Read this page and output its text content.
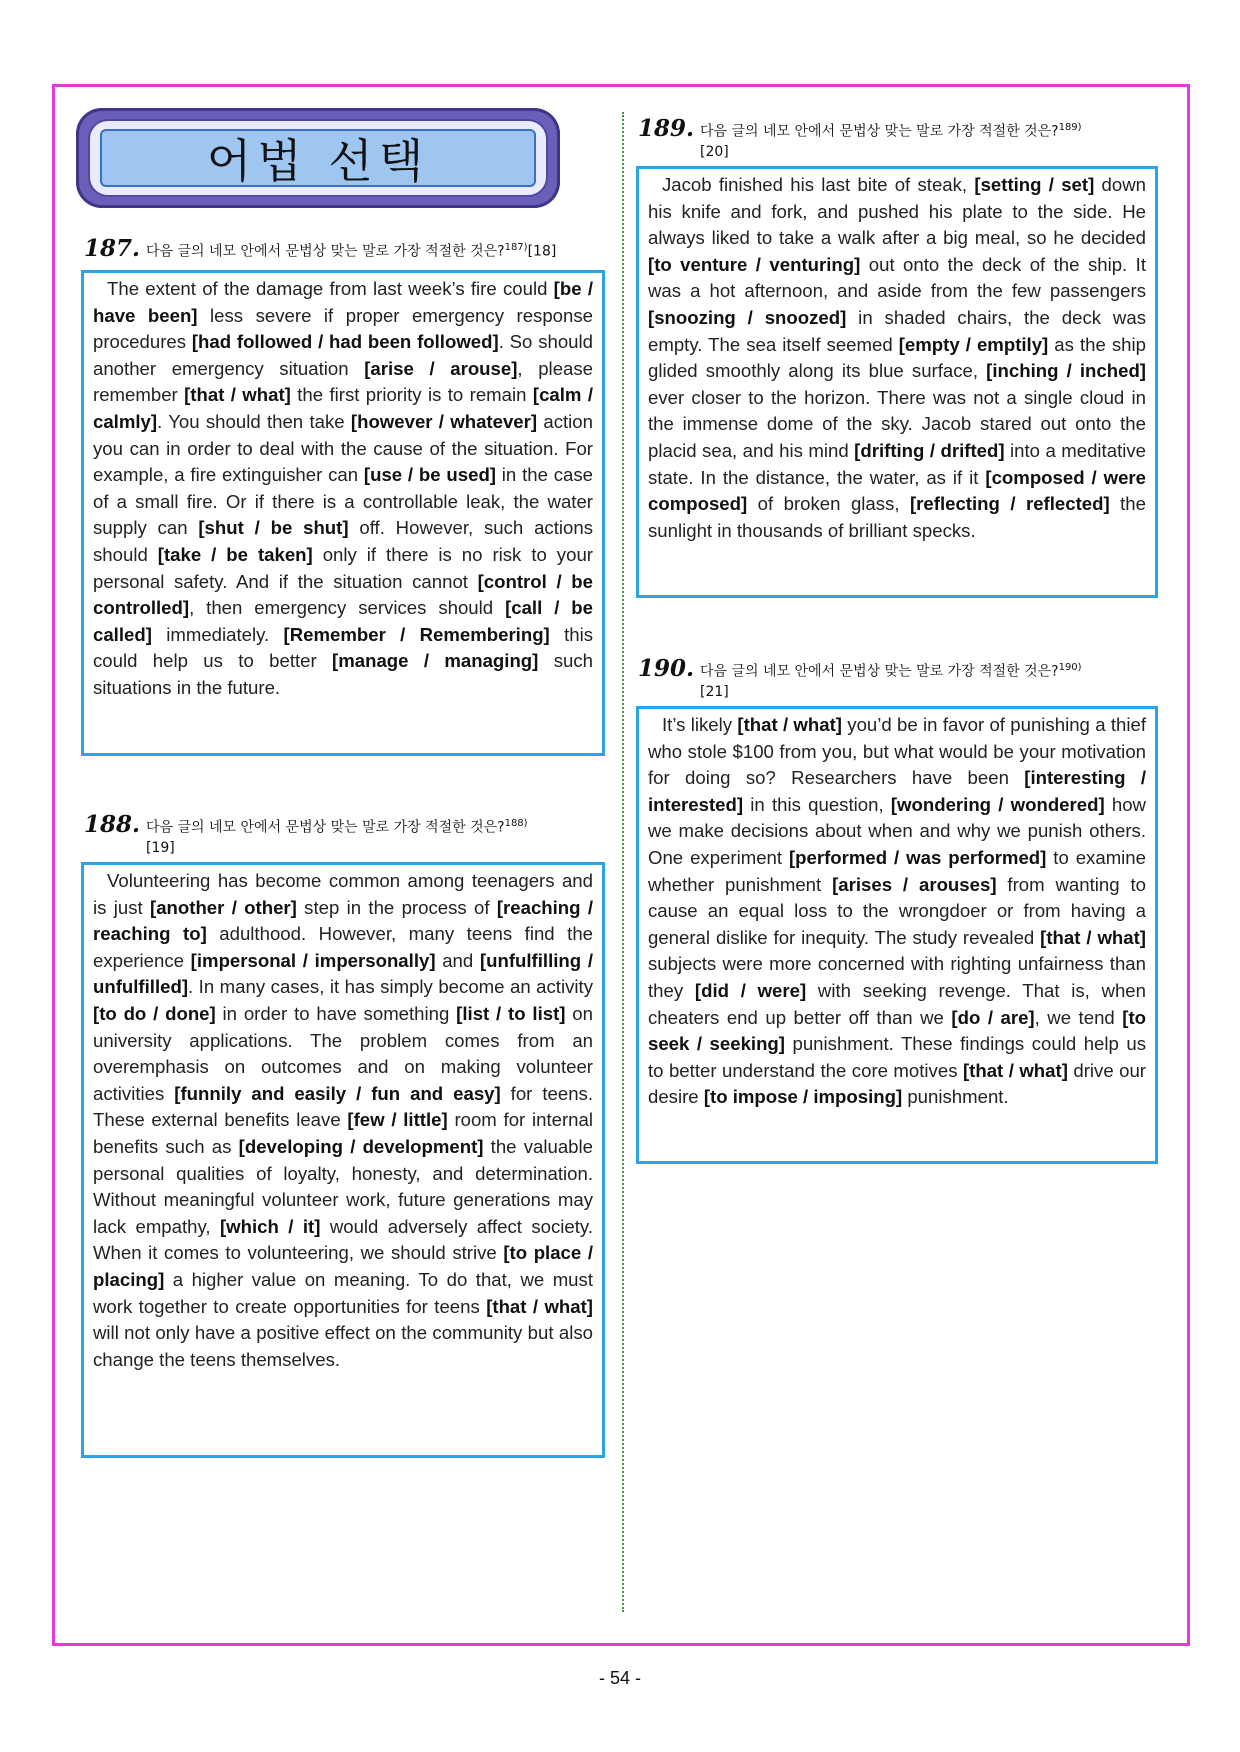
어법 선택
187. 다음 글의 네모 안에서 문법상 맞는 말로 가장 적절한 것은?$^{187)}$[18]

The extent of the damage from last week’s fire could [be / have been] less severe if proper emergency response procedures [had followed / had been followed]. So should another emergency situation [arise / arouse], please remember [that / what] the first priority is to remain [calm / calmly]. You should then take [however / whatever] action you can in order to deal with the cause of the situation. For example, a fire extinguisher can [use / be used] in the case of a small fire. Or if there is a controllable leak, the water supply can [shut / be shut] off. However, such actions should [take / be taken] only if there is no risk to your personal safety. And if the situation cannot [control / be controlled], then emergency services should [call / be called] immediately. [Remember / Remembering] this could help us to better [manage / managing] such situations in the future.

188. 다음 글의 네모 안에서 문법상 맞는 말로 가장 적절한 것은?$^{188)}$
[19]

Volunteering has become common among teenagers and is just [another / other] step in the process of [reaching / reaching to] adulthood. However, many teens find the experience [impersonal / impersonally] and [unfulfilling / unfulfilled]. In many cases, it has simply become an activity [to do / done] in order to have something [list / to list] on university applications. The problem comes from an overemphasis on outcomes and on making volunteer activities [funnily and easily / fun and easy] for teens. These external benefits leave [few / little] room for internal benefits such as [developing / development] the valuable personal qualities of loyalty, honesty, and determination. Without meaningful volunteer work, future generations may lack empathy, [which / it] would adversely affect society. When it comes to volunteering, we should strive [to place / placing] a higher value on meaning. To do that, we must work together to create opportunities for teens [that / what] will not only have a positive effect on the community but also change the teens themselves.

189. 다음 글의 네모 안에서 문법상 맞는 말로 가장 적절한 것은?$^{189)}$
[20]

Jacob finished his last bite of steak, [setting / set] down his knife and fork, and pushed his plate to the side. He always liked to take a walk after a big meal, so he decided [to venture / venturing] out onto the deck of the ship. It was a hot afternoon, and aside from the few passengers [snoozing / snoozed] in shaded chairs, the deck was empty. The sea itself seemed [empty / emptily] as the ship glided smoothly along its blue surface, [inching / inched] ever closer to the horizon. There was not a single cloud in the immense dome of the sky. Jacob stared out onto the placid sea, and his mind [drifting / drifted] into a meditative state. In the distance, the water, as if it [composed / were composed] of broken glass, [reflecting / reflected] the sunlight in thousands of brilliant specks.

190. 다음 글의 네모 안에서 문법상 맞는 말로 가장 적절한 것은?$^{190)}$
[21]

It’s likely [that / what] you’d be in favor of punishing a thief who stole $100 from you, but what would be your motivation for doing so? Researchers have been [interesting / interested] in this question, [wondering / wondered] how we make decisions about when and why we punish others. One experiment [performed / was performed] to examine whether punishment [arises / arouses] from wanting to cause an equal loss to the wrongdoer or from having a general dislike for inequity. The study revealed [that / what] subjects were more concerned with righting unfairness than they [did / were] with seeking revenge. That is, when cheaters end up better off than we [do / are], we tend [to seek / seeking] punishment. These findings could help us to better understand the core motives [that / what] drive our desire [to impose / imposing] punishment.

- 54 -
